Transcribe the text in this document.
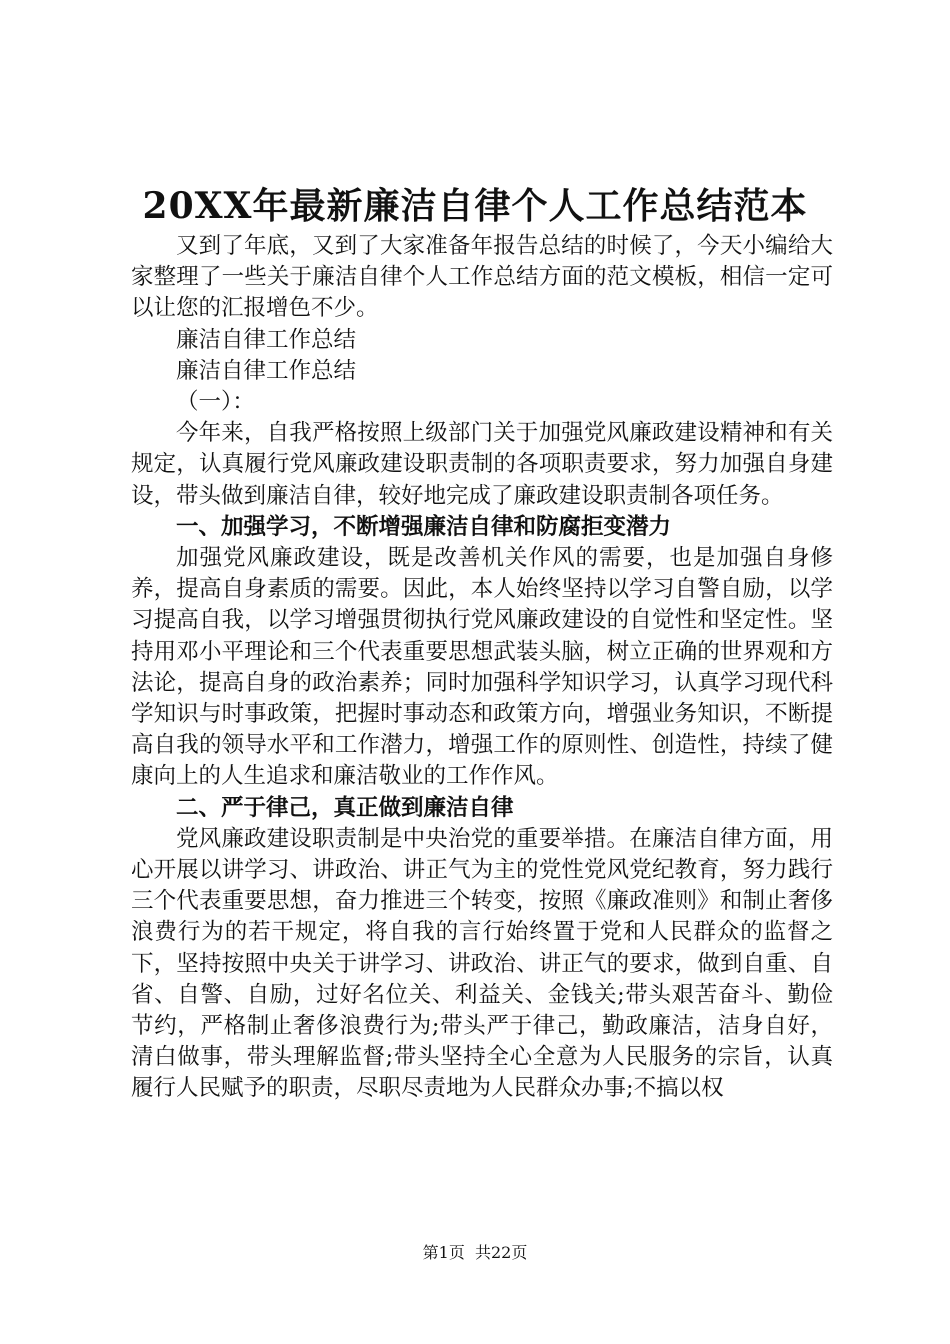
20XX年最新廉洁自律个人工作总结范本

又到了年底，又到了大家准备年报告总结的时候了，今天小编给大家整理了一些关于廉洁自律个人工作总结方面的范文模板，相信一定可以让您的汇报增色不少。

廉洁自律工作总结

廉洁自律工作总结

（一）：

今年来，自我严格按照上级部门关于加强党风廉政建设精神和有关规定，认真履行党风廉政建设职责制的各项职责要求，努力加强自身建设，带头做到廉洁自律，较好地完成了廉政建设职责制各项任务。

一、加强学习，不断增强廉洁自律和防腐拒变潜力

加强党风廉政建设，既是改善机关作风的需要，也是加强自身修养，提高自身素质的需要。因此，本人始终坚持以学习自警自励，以学习提高自我，以学习增强贯彻执行党风廉政建设的自觉性和坚定性。坚持用邓小平理论和三个代表重要思想武装头脑，树立正确的世界观和方法论，提高自身的政治素养；同时加强科学知识学习，认真学习现代科学知识与时事政策，把握时事动态和政策方向，增强业务知识，不断提高自我的领导水平和工作潜力，增强工作的原则性、创造性，持续了健康向上的人生追求和廉洁敬业的工作作风。

二、严于律己，真正做到廉洁自律

党风廉政建设职责制是中央治党的重要举措。在廉洁自律方面，用心开展以讲学习、讲政治、讲正气为主的党性党风党纪教育，努力践行三个代表重要思想，奋力推进三个转变，按照《廉政准则》和制止奢侈浪费行为的若干规定，将自我的言行始终置于党和人民群众的监督之下，坚持按照中央关于讲学习、讲政治、讲正气的要求，做到自重、自省、自警、自励，过好名位关、利益关、金钱关;带头艰苦奋斗、勤俭节约，严格制止奢侈浪费行为;带头严于律己，勤政廉洁，洁身自好，清白做事，带头理解监督;带头坚持全心全意为人民服务的宗旨，认真履行人民赋予的职责，尽职尽责地为人民群众办事;不搞以权

第1页  共22页
